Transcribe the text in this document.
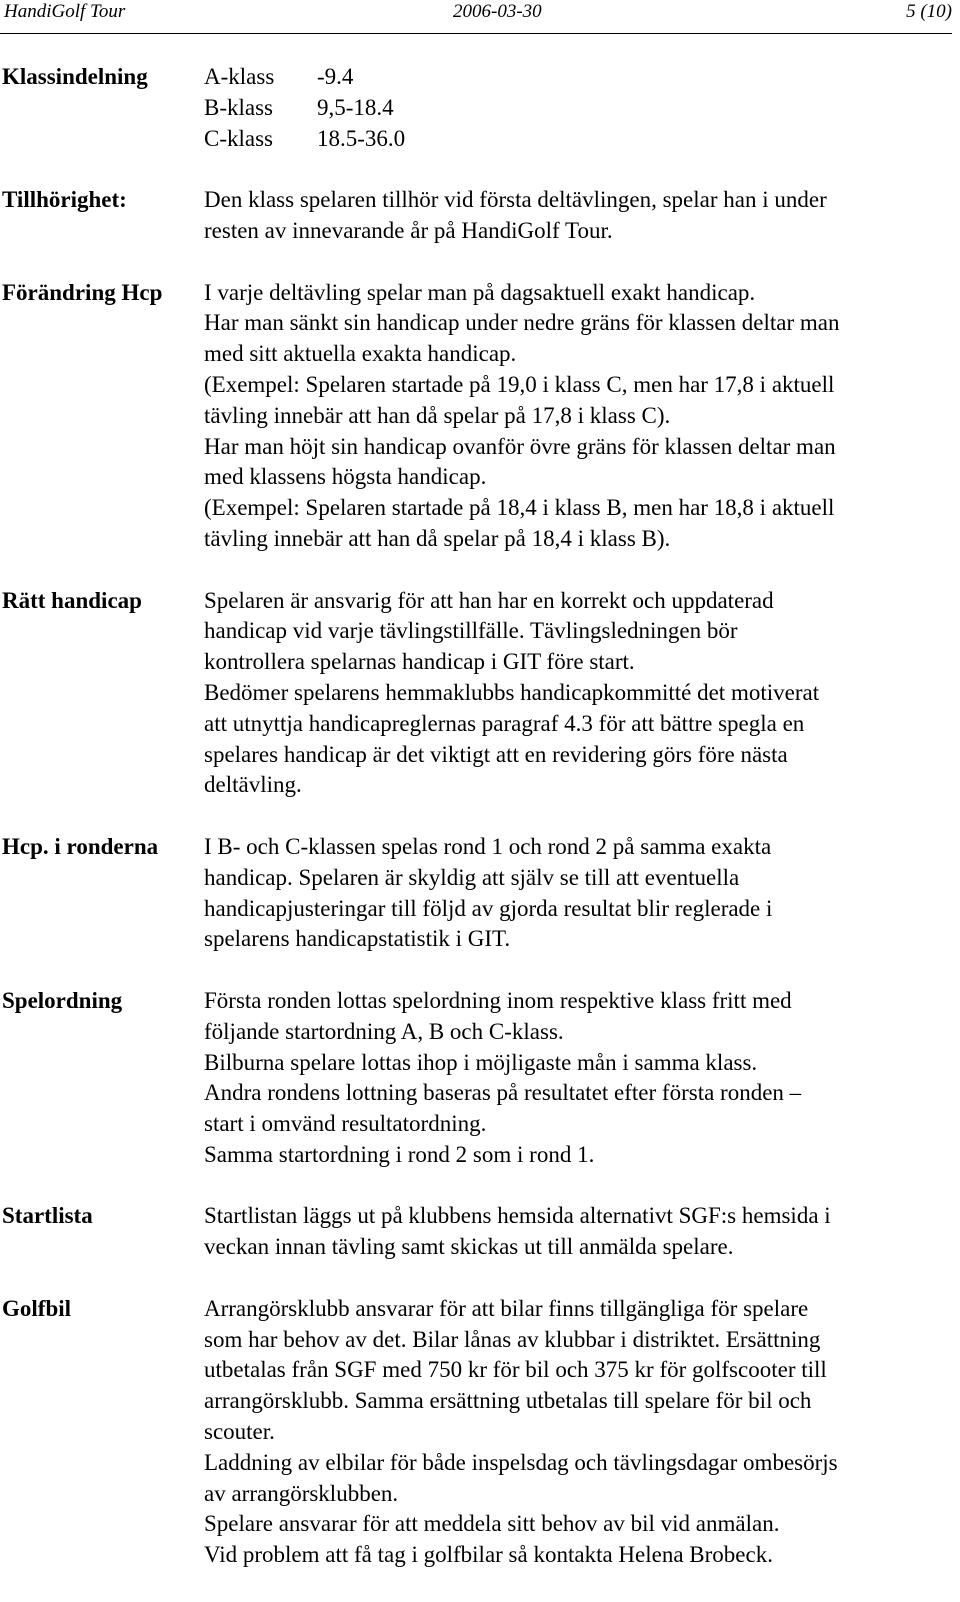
HandiGolf Tour	2006-03-30	5 (10)
Klassindelning	A-klass	-9.4
B-klass	9,5-18.4
C-klass	18.5-36.0
Tillhörighet:	Den klass spelaren tillhör vid första deltävlingen, spelar han i under
resten av innevarande år på HandiGolf Tour.
Förändring Hcp	I varje deltävling spelar man på dagsaktuell exakt handicap.
Har man sänkt sin handicap under nedre gräns för klassen deltar man
med sitt aktuella exakta handicap.
(Exempel: Spelaren startade på 19,0 i klass C, men har 17,8 i aktuell
tävling innebär att han då spelar på 17,8 i klass C).
Har man höjt sin handicap ovanför övre gräns för klassen deltar man
med klassens högsta handicap.
(Exempel: Spelaren startade på 18,4 i klass B, men har 18,8 i aktuell
tävling innebär att han då spelar på 18,4 i klass B).
Rätt handicap	Spelaren är ansvarig för att han har en korrekt och uppdaterad
handicap vid varje tävlingstillfälle. Tävlingsledningen bör
kontrollera spelarnas handicap i GIT före start.
Bedömer spelarens hemmaklubbs handicapkommitté det motiverat
att utnyttja handicapreglernas paragraf 4.3 för att bättre spegla en
spelares handicap är det viktigt att en revidering görs före nästa
deltävling.
Hcp. i ronderna	I B- och C-klassen spelas rond 1 och rond 2 på samma exakta
handicap. Spelaren är skyldig att själv se till att eventuella
handicapjusteringar till följd av gjorda resultat blir reglerade i
spelarens handicapstatistik i GIT.
Spelordning	Första ronden lottas spelordning inom respektive klass fritt med
följande startordning A, B och C-klass.
Bilburna spelare lottas ihop i möjligaste mån i samma klass.
Andra rondens lottning baseras på resultatet efter första ronden –
start i omvänd resultatordning.
Samma startordning i rond 2 som i rond 1.
Startlista	Startlistan läggs ut på klubbens hemsida alternativt SGF:s hemsida i
veckan innan tävling samt skickas ut till anmälda spelare.
Golfbil	Arrangörsklubb ansvarar för att bilar finns tillgängliga för spelare
som har behov av det. Bilar lånas av klubbar i distriktet. Ersättning
utbetalas från SGF med 750 kr för bil och 375 kr för golfscooter till
arrangörsklubb. Samma ersättning utbetalas till spelare för bil och
scouter.
Laddning av elbilar för både inspelsdag och tävlingsdagar ombesörjs
av arrangörsklubben.
Spelare ansvarar för att meddela sitt behov av bil vid anmälan.
Vid problem att få tag i golfbilar så kontakta Helena Brobeck.
